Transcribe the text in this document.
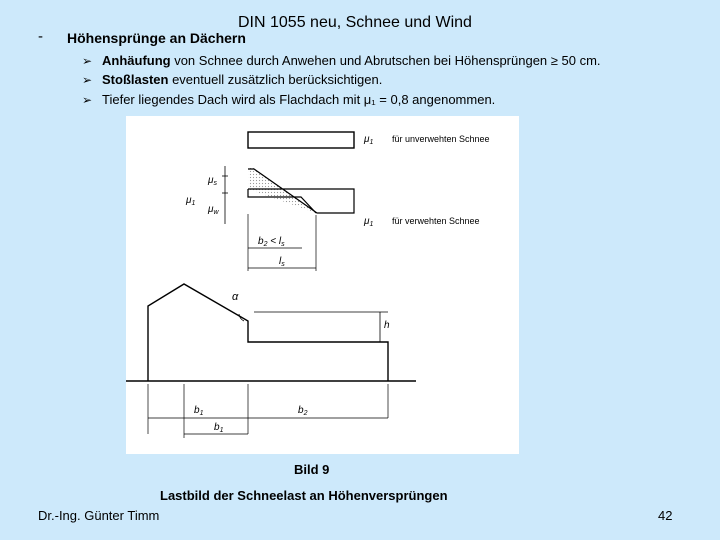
-
DIN 1055 neu, Schnee und Wind
Höhensprünge an Dächern
➢ Anhäufung von Schnee durch Anwehen und Abrutschen bei Höhensprüngen ≥ 50 cm.
➢ Stoßlasten eventuell zusätzlich berücksichtigen.
➢ Tiefer liegendes Dach wird als Flachdach mit μ₁ = 0,8 angenommen.
$\mu_1$ für unverwehten Schnee
$\mu_s$
$\mu_1$
$\mu_w$
$\mu_1$ für verwehten Schnee
$b_2 < l_s$
$l_s$
α
h
$b_1$	$b_2$
$b_1$
Bild 9
Lastbild der Schneelast an Höhenversprüngen
Dr.-Ing. Günter Timm	42
